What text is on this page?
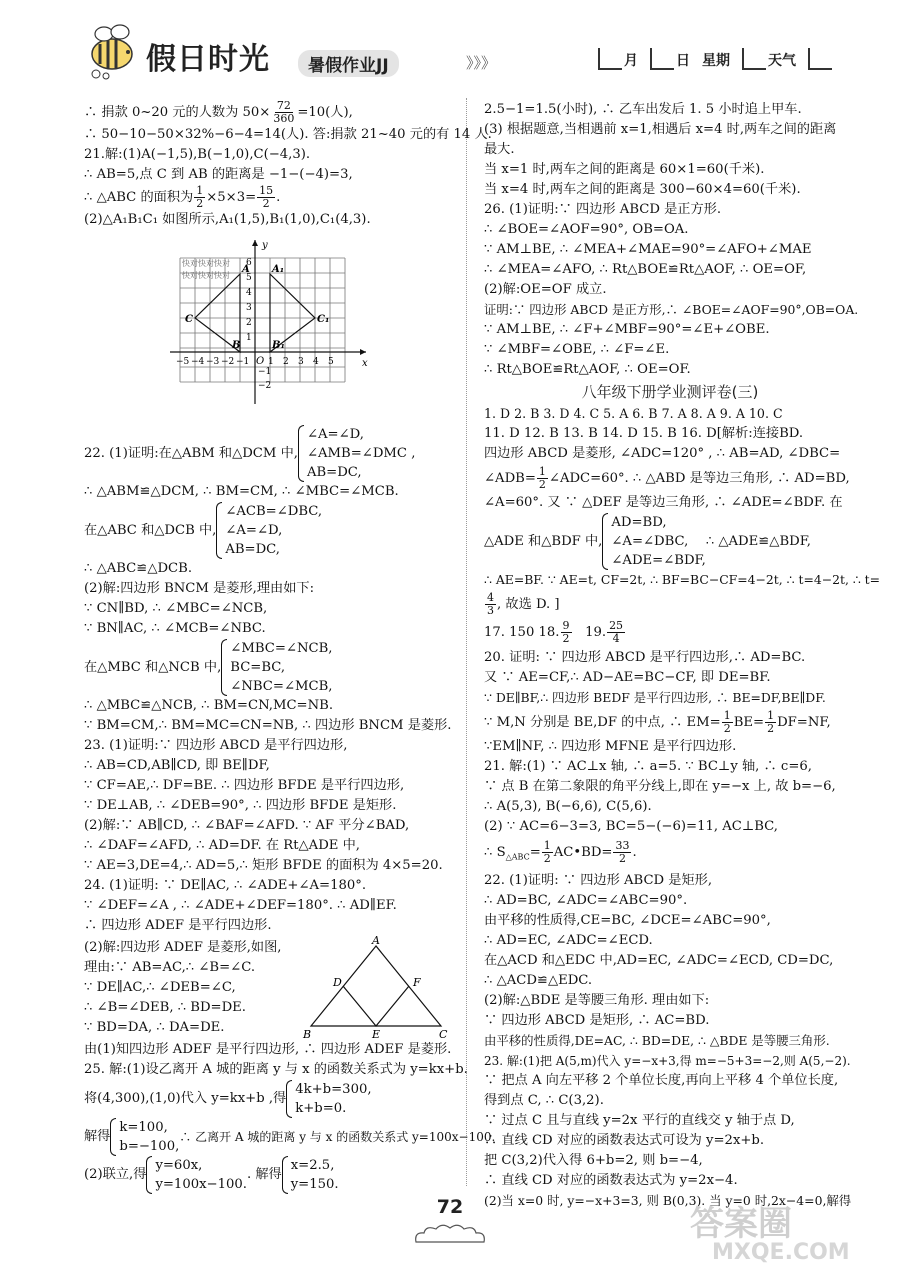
假日时光	暑假作业JJ	》》》	月	日 星期	天气
∴ 捐款 0~20 元的人数为 $50\times \frac{72}{360} =10$(人),
∴ 50−10−50×32%−6−4=14(人). 答:捐款 21~40 元的有 14 人.
21.解:(1)A(−1,5),B(−1,0),C(−4,3).
∴ AB=5,点 C 到 AB 的距离是 −1−(−4)=3,
∴ △ABC 的面积为 $\frac{1}{2} \times 5\times 3= \frac{15}{2}$ .
(2)△A₁B₁C₁ 如图所示,A₁(1,5),B₁(1,0),C₁(4,3).
y
x
O
−5 −4 −3 −2 −1 1 2 3 4 5
6
5
4
3
2
1
−1
−2
A
B
C
A₁
B₁
C₁
快对快对快对
快对快对快对
22. (1)证明:在△ABM 和△DCM 中,
∠A=∠D,
∠AMB=∠DMC ,
AB=DC,
∴ △ABM≌△DCM, ∴ BM=CM, ∴ ∠MBC=∠MCB.
在△ABC 和△DCB 中,
∠ACB=∠DBC,
∠A=∠D,
AB=DC,
∴ △ABC≌△DCB.
(2)解:四边形 BNCM 是菱形,理由如下:
∵ CN∥BD, ∴ ∠MBC=∠NCB,
∵ BN∥AC, ∴ ∠MCB=∠NBC.
在△MBC 和△NCB 中,
∠MBC=∠NCB,
BC=BC,
∠NBC=∠MCB,
∴ △MBC≌△NCB, ∴ BM=CN,MC=NB.
∵ BM=CM,∴ BM=MC=CN=NB, ∴ 四边形 BNCM 是菱形.
23. (1)证明:∵ 四边形 ABCD 是平行四边形,
∴ AB=CD,AB∥CD, 即 BE∥DF,
∵ CF=AE,∴ DF=BE. ∴ 四边形 BFDE 是平行四边形,
∵ DE⊥AB, ∴ ∠DEB=90°, ∴ 四边形 BFDE 是矩形.
(2)解:∵ AB∥CD, ∴ ∠BAF=∠AFD. ∵ AF 平分∠BAD,
∴ ∠DAF=∠AFD, ∴ AD=DF. 在 Rt△ADE 中,
∵ AE=3,DE=4,∴ AD=5,∴ 矩形 BFDE 的面积为 4×5=20.
24. (1)证明: ∵ DE∥AC, ∴ ∠ADE+∠A=180°.
∵ ∠DEF=∠A , ∴ ∠ADE+∠DEF=180°. ∴ AD∥EF.
∴ 四边形 ADEF 是平行四边形.
(2)解:四边形 ADEF 是菱形,如图,
理由:∵ AB=AC,∴ ∠B=∠C.
∵ DE∥AC,∴ ∠DEB=∠C,
∴ ∠B=∠DEB, ∴ BD=DE.
∵ BD=DA, ∴ DA=DE.
A
B	C
D
E
F
由(1)知四边形 ADEF 是平行四边形, ∴ 四边形 ADEF 是菱形.
25. 解:(1)设乙离开 A 城的距离 y 与 x 的函数关系式为 y=kx+b.
将(4,300),(1,0)代入 y=kx+b ,得
4k+b=300,
k+b=0.
解得
k=100,
b=−100,
∴ 乙离开 A 城的距离 y 与 x 的函数关系式 y=100x−100.
(2)联立,得
y=60x,
y=100x−100.
. 解得
x=2.5,
y=150.
2.5−1=1.5(小时), ∴ 乙车出发后 1. 5 小时追上甲车.
(3) 根据题意,当相遇前 x=1,相遇后 x=4 时,两车之间的距离
最大.
当 x=1 时,两车之间的距离是 60×1=60(千米).
当 x=4 时,两车之间的距离是 300−60×4=60(千米).
26. (1)证明:∵ 四边形 ABCD 是正方形.
∴ ∠BOE=∠AOF=90°, OB=OA.
∵ AM⊥BE, ∴ ∠MEA+∠MAE=90°=∠AFO+∠MAE
∴ ∠MEA=∠AFO, ∴ Rt△BOE≌Rt△AOF, ∴ OE=OF,
(2)解:OE=OF 成立.
证明:∵ 四边形 ABCD 是正方形,∴ ∠BOE=∠AOF=90°,OB=OA.
∵ AM⊥BE, ∴ ∠F+∠MBF=90°=∠E+∠OBE.
∵ ∠MBF=∠OBE, ∴ ∠F=∠E.
∴ Rt△BOE≌Rt△AOF, ∴ OE=OF.
八年级下册学业测评卷(三)
1. D 2. B 3. D 4. C 5. A 6. B 7. A 8. A 9. A 10. C
11. D 12. B 13. B 14. D 15. B 16. D[解析:连接BD.
四边形 ABCD 是菱形, ∠ADC=120° , ∴ AB=AD, ∠DBC=
∠ADB= $\frac{1}{2}$ ∠ADC=60°. ∴ △ABD 是等边三角形, ∴ AD=BD,
∠A=60°. 又 ∵ △DEF 是等边三角形, ∴ ∠ADE=∠BDF. 在
△ADE 和△BDF 中,
AD=BD,
∠A=∠DBC,
∠ADE=∠BDF,
∴ △ADE≌△BDF,
∴ AE=BF. ∵ AE=t, CF=2t, ∴ BF=BC−CF=4−2t, ∴ t=4−2t, ∴ t=
$\frac{4}{3}$ , 故选 D. ]
17. 150 18. $\frac{9}{2} 19$. $\frac{25}{4}$
20. 证明: ∵ 四边形 ABCD 是平行四边形,∴ AD=BC.
又 ∵ AE=CF,∴ AD−AE=BC−CF, 即 DE=BF.
∵ DE∥BF,∴ 四边形 BEDF 是平行四边形, ∴ BE=DF,BE∥DF.
∵ M,N 分别是 BE,DF 的中点, ∴ $EM= \frac{1}{2} BE= \frac{1}{2} DF=NF$,
∵EM∥NF, ∴ 四边形 MFNE 是平行四边形.
21. 解:(1) ∵ AC⊥x 轴, ∴ a=5. ∵ BC⊥y 轴, ∴ c=6,
∵ 点 B 在第二象限的角平分线上,即在 y=−x 上, 故 b=−6,
∴ A(5,3), B(−6,6), C(5,6).
(2) ∵ AC=6−3=3, BC=5−(−6)=11, AC⊥BC,
∴ $S_{\triangle ABC}= \frac{1}{2}$ AC•BD= $\frac{33}{2}$ .
22. (1)证明: ∵ 四边形 ABCD 是矩形,
∴ AD=BC, ∠ADC=∠ABC=90°.
由平移的性质得,CE=BC, ∠DCE=∠ABC=90°,
∴ AD=EC, ∠ADC=∠ECD.
在△ACD 和△EDC 中,AD=EC, ∠ADC=∠ECD, CD=DC,
∴ △ACD≌△EDC.
(2)解:△BDE 是等腰三角形. 理由如下:
∵ 四边形 ABCD 是矩形, ∴ AC=BD.
由平移的性质得,DE=AC, ∴ BD=DE, ∴ △BDE 是等腰三角形.
23. 解:(1)把 A(5,m)代入 y=−x+3,得 m=−5+3=−2,则 A(5,−2).
∵ 把点 A 向左平移 2 个单位长度,再向上平移 4 个单位长度,
得到点 C, ∴ C(3,2).
∵ 过点 C 且与直线 y=2x 平行的直线交 y 轴于点 D,
∴ 直线 CD 对应的函数表达式可设为 y=2x+b.
把 C(3,2)代入得 6+b=2, 则 b=−4,
∴ 直线 CD 对应的函数表达式为 y=2x−4.
(2)当 x=0 时, y=−x+3=3, 则 B(0,3). 当 y=0 时,2x−4=0,解得
72	答案圈
MXQE.COM
